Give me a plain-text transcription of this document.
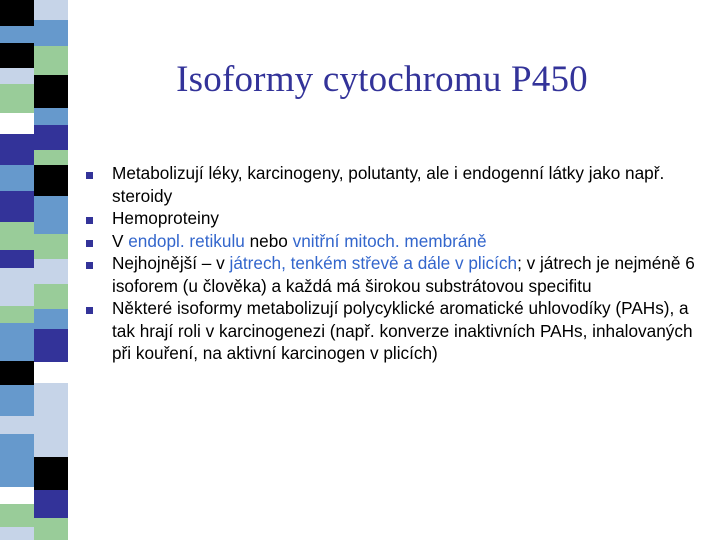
Isoformy cytochromu P450
Metabolizují léky, karcinogeny, polutanty, ale i endogenní látky jako např. steroidy
Hemoproteiny
V endopl. retikulu nebo vnitřní mitoch. membráně
Nejhojnější – v játrech, tenkém střevě a dále v plicích; v játrech je nejméně 6 isoforem (u člověka) a každá má širokou substrátovou specifitu
Některé isoformy metabolizují polycyklické aromatické uhlovodíky (PAHs), a tak hrají roli v karcinogenezi (např. konverze inaktivních PAHs, inhalovaných při kouření, na aktivní karcinogen v plicích)
